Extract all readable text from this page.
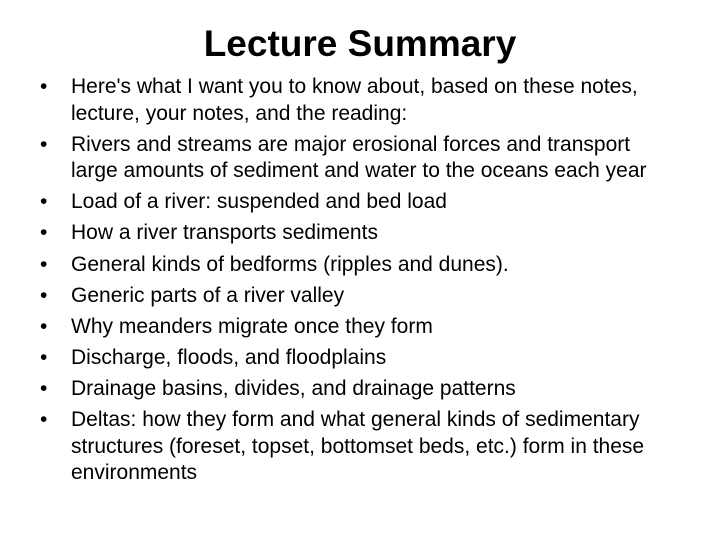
Lecture Summary
•	Here's what I want you to know about, based on these notes, lecture, your notes, and the reading:
•	Rivers and streams are major erosional forces and transport large amounts of sediment and water to the oceans each year
•	Load of a river: suspended and bed load
•	How a river transports sediments
•	General kinds of bedforms (ripples and dunes).
•	Generic parts of a river valley
•	Why meanders migrate once they form
•	Discharge, floods, and floodplains
•	Drainage basins, divides, and drainage patterns
•	Deltas: how they form and what general kinds of sedimentary structures (foreset, topset, bottomset beds, etc.) form in these environments
